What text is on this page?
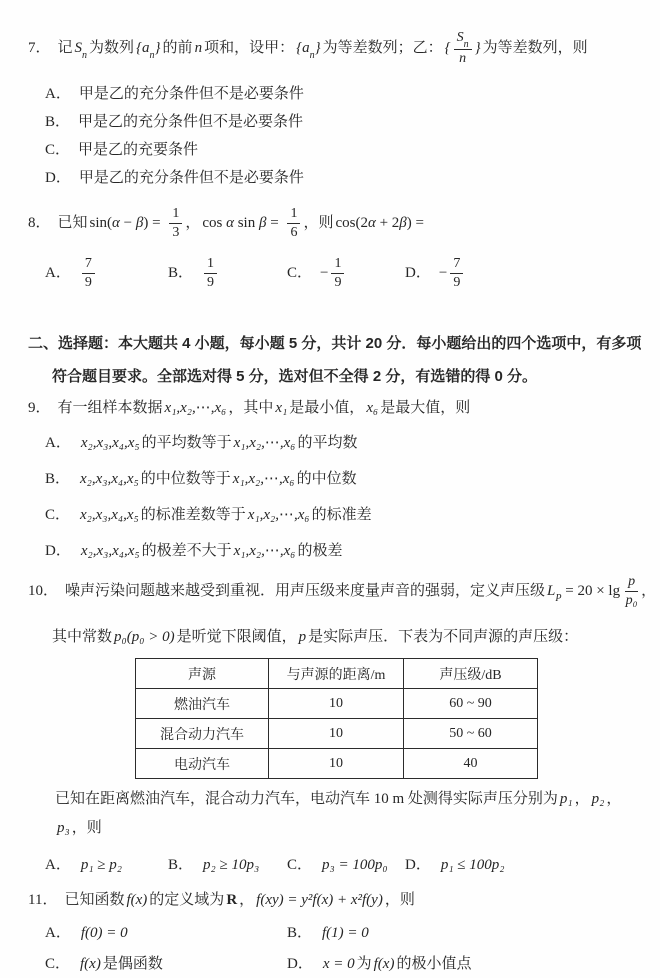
7． 记 $S_n$ 为数列 $\{a_n\}$ 的前 n 项和，设甲： $\{a_n\}$ 为等差数列；乙： { $\frac{S_n}{n}$ } 为等差数列，则
A． 甲是乙的充分条件但不是必要条件
B． 甲是乙的充分条件但不是必要条件
C． 甲是乙的充要条件
D． 甲是乙的充分条件但不是必要条件
8． 已知 $\sin(\alpha - \beta) = \frac{1}{3}$ ， cos α $\sin \beta = \frac{1}{6}$ ，则 cos(2α + 2β) =
A． $\frac{7}{9}$	B． $\frac{1}{9}$	C． − $\frac{1}{9}$	D． − $\frac{7}{9}$
二、选择题：本大题共 4 小题，每小题 5 分，共计 20 分．每小题给出的四个选项中，有多项
符合题目要求。全部选对得 5 分，选对但不全得 2 分，有选错的得 0 分。
9． 有一组样本数据 x₁,x₂,⋯,x₆ ，其中 x₁ 是最小值， x₆ 是最大值，则
A． x₂,x₃,x₄,x₅ 的平均数等于 x₁,x₂,⋯,x₆ 的平均数
B． x₂,x₃,x₄,x₅ 的中位数等于 x₁,x₂,⋯,x₆ 的中位数
C． x₂,x₃,x₄,x₅ 的标准差数等于 x₁,x₂,⋯,x₆ 的标准差
D． x₂,x₃,x₄,x₅ 的极差不大于 x₁,x₂,⋯,x₆ 的极差
10． 噪声污染问题越来越受到重视．用声压级来度量声音的强弱，定义声压级 $L_P = 20 \times \lg \frac{p}{\text{p₀}}$ ，
其中常数 p₀(p₀ > 0) 是听觉下限阈值， p 是实际声压．下表为不同声源的声压级：
声源	与声源的距离/m	声压级/dB
燃油汽车	10	60 ~ 90
混合动力汽车	10	50 ~ 60
电动汽车	10	40
已知在距离燃油汽车，混合动力汽车，电动汽车 10 m 处测得实际声压分别为 p₁ ， p₂ ，
p₃ ，则
A． p₁ ≥ p₂	B． p₂ ≥ 10p₃ C． p₃ = 100p₀ D． p₁ ≤ 100p₂
11． 已知函数 f(x) 的定义域为 R ， f(xy) = y²f(x) + x²f(y) ，则
A． f(0) = 0	B． f(1) = 0
C． f(x) 是偶函数	D． x = 0 为 f(x) 的极小值点
